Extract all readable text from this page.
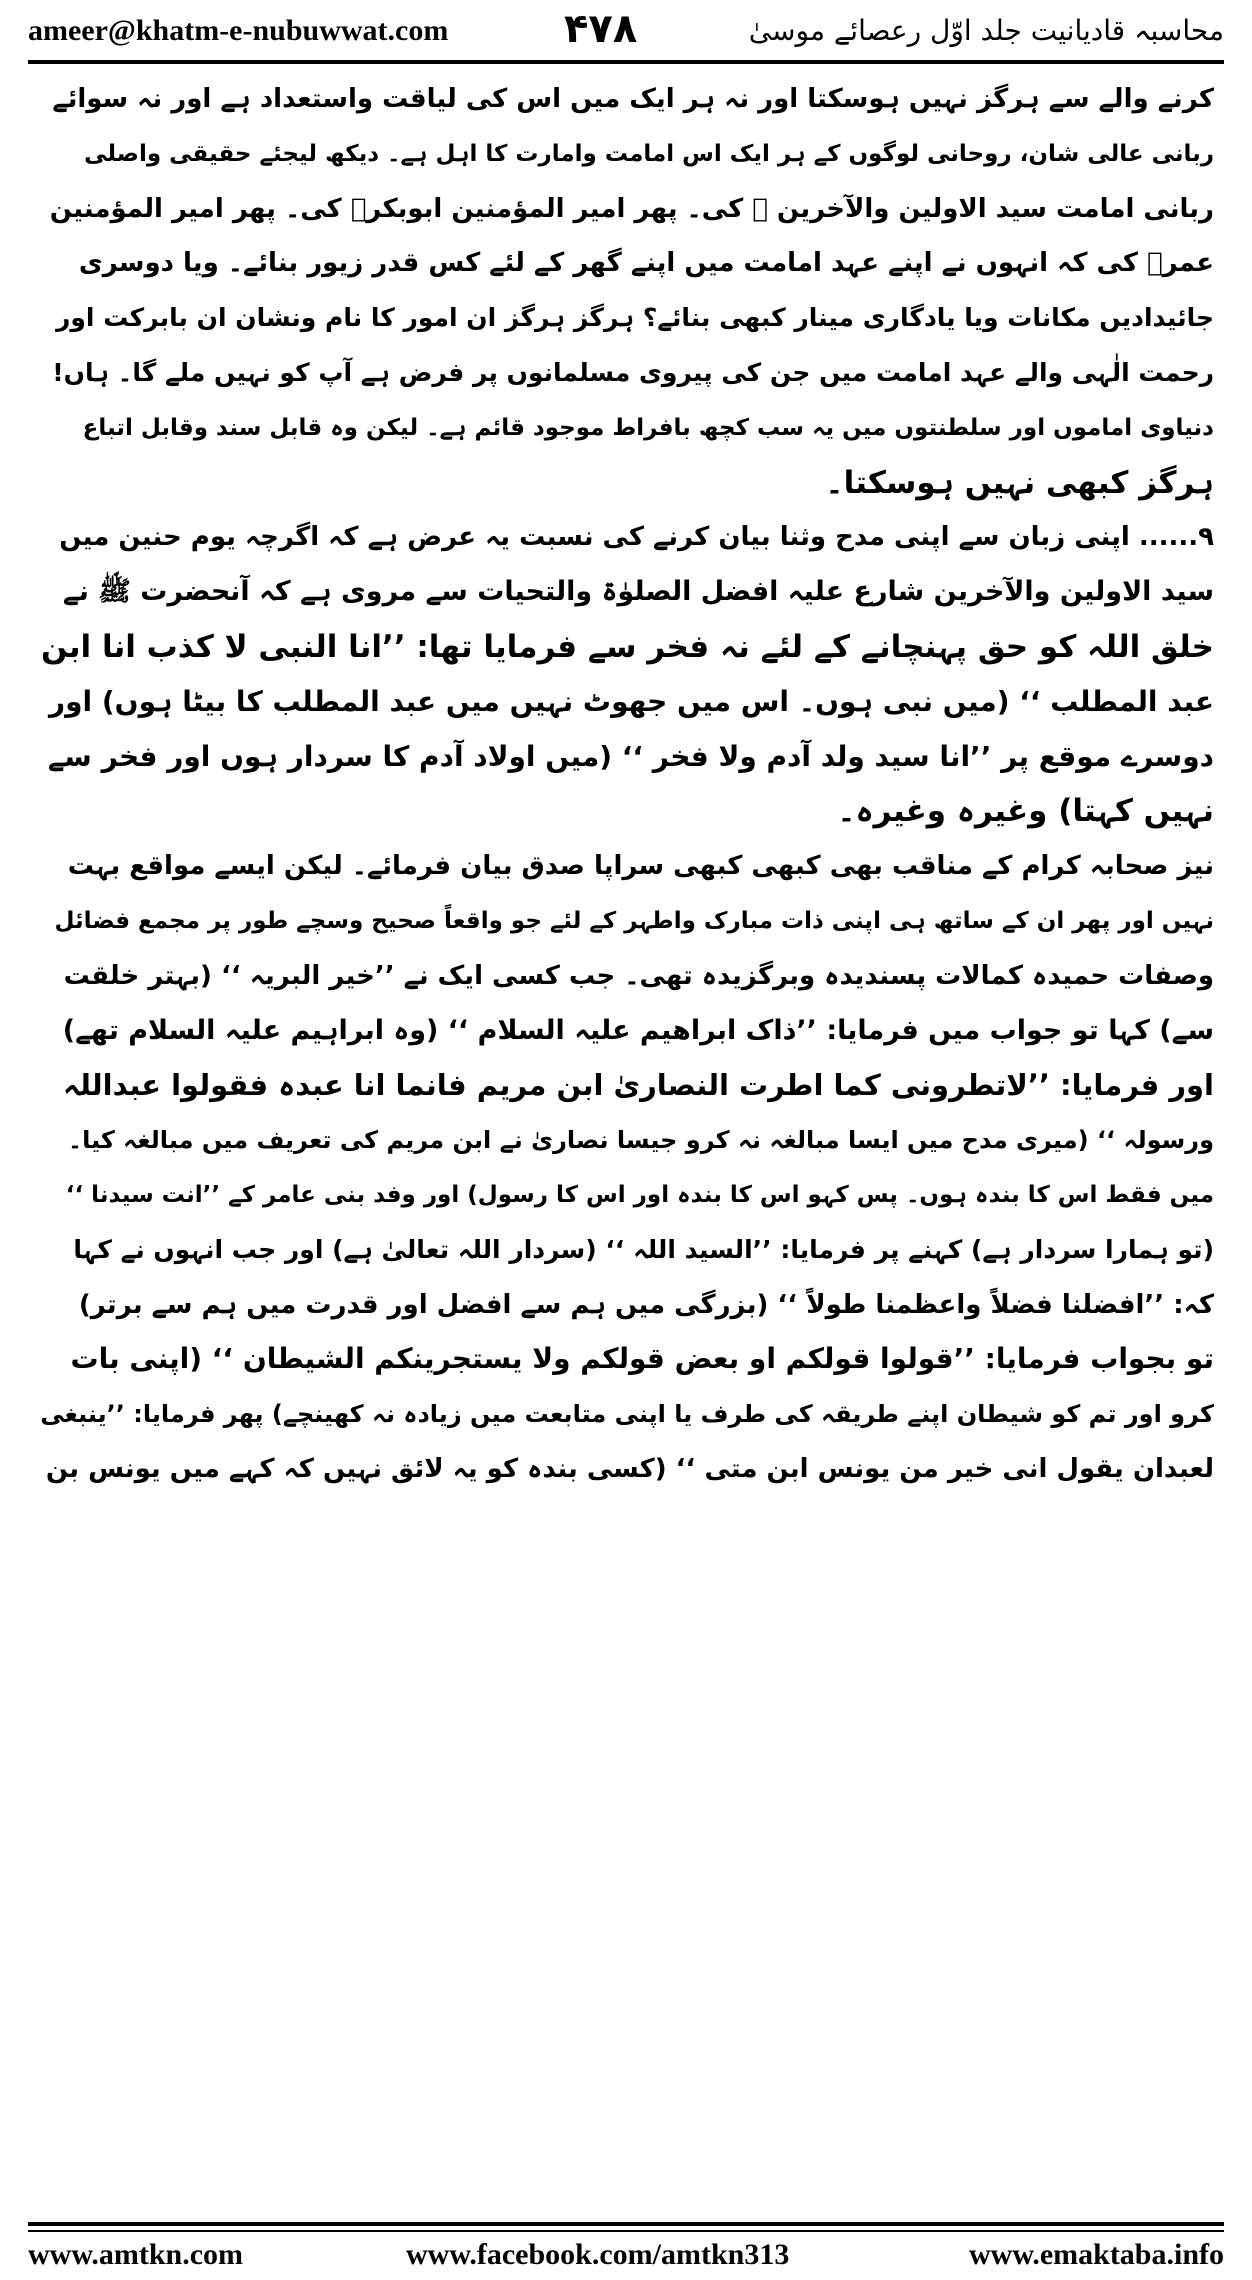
ameer@khatm-e-nubuwwat.com	۴۷۸	محاسبہ قادیانیت جلد اوّل رعصائے موسیٰ
کرنے والے سے ہرگز نہیں ہوسکتا اور نہ ہر ایک میں اس کی لیاقت واستعداد ہے اور نہ سوائے
ربانی عالی شان، روحانی لوگوں کے ہر ایک اس امامت وامارت کا اہل ہے۔ دیکھ لیجئے حقیقی واصلی
ربانی امامت سید الاولین والآخرین ﷺ کی۔ پھر امیر المؤمنین ابوبکرؓ کی۔ پھر امیر المؤمنین
عمرؓ کی کہ انہوں نے اپنے عہد امامت میں اپنے گھر کے لئے کس قدر زیور بنائے۔ ویا دوسری
جائیدادیں مکانات ویا یادگاری مینار کبھی بنائے؟ ہرگز ہرگز ان امور کا نام ونشان ان بابرکت اور
رحمت الٰہی والے عہد امامت میں جن کی پیروی مسلمانوں پر فرض ہے آپ کو نہیں ملے گا۔ ہاں!
دنیاوی اماموں اور سلطنتوں میں یہ سب کچھ بافراط موجود قائم ہے۔ لیکن وہ قابل سند وقابل اتباع
ہرگز کبھی نہیں ہوسکتا۔
۹...... اپنی زبان سے اپنی مدح وثنا بیان کرنے کی نسبت یہ عرض ہے کہ اگرچہ یوم حنین میں
سید الاولین والآخرین شارع علیہ افضل الصلوٰۃ والتحیات سے مروی ہے کہ آنحضرت ﷺ نے
خلق اللہ کو حق پہنچانے کے لئے نہ فخر سے فرمایا تھا: ’’انا النبی لا کذب انا ابن
عبد المطلب ‘‘ (میں نبی ہوں۔ اس میں جھوٹ نہیں میں عبد المطلب کا بیٹا ہوں) اور
دوسرے موقع پر ’’انا سید ولد آدم ولا فخر ‘‘ (میں اولاد آدم کا سردار ہوں اور فخر سے
نہیں کہتا) وغیرہ وغیرہ۔
نیز صحابہ کرام کے مناقب بھی کبھی کبھی سراپا صدق بیان فرمائے۔ لیکن ایسے مواقع بہت
نہیں اور پھر ان کے ساتھ ہی اپنی ذات مبارک واطہر کے لئے جو واقعاً صحیح وسچے طور پر مجمع فضائل
وصفات حمیدہ کمالات پسندیدہ وبرگزیدہ تھی۔ جب کسی ایک نے ’’خیر البریہ ‘‘ (بہتر خلقت
سے) کہا تو جواب میں فرمایا: ’’ذاک ابراھیم علیہ السلام ‘‘ (وہ ابراہیم علیہ السلام تھے)
اور فرمایا: ’’لاتطرونی کما اطرت النصاریٰ ابن مریم فانما انا عبدہ فقولوا عبداللہ
ورسولہ ‘‘ (میری مدح میں ایسا مبالغہ نہ کرو جیسا نصاریٰ نے ابن مریم کی تعریف میں مبالغہ کیا۔
میں فقط اس کا بندہ ہوں۔ پس کہو اس کا بندہ اور اس کا رسول) اور وفد بنی عامر کے ’’انت سیدنا ‘‘
(تو ہمارا سردار ہے) کہنے پر فرمایا: ’’السید اللہ ‘‘ (سردار اللہ تعالیٰ ہے) اور جب انہوں نے کہا
کہ: ’’افضلنا فضلاً واعظمنا طولاً ‘‘ (بزرگی میں ہم سے افضل اور قدرت میں ہم سے برتر)
تو بجواب فرمایا: ’’قولوا قولکم او بعض قولکم ولا یستجرینکم الشیطان ‘‘ (اپنی بات
کرو اور تم کو شیطان اپنے طریقہ کی طرف یا اپنی متابعت میں زیادہ نہ کھینچے) پھر فرمایا: ’’ینبغی
لعبدان یقول انی خیر من یونس ابن متی ‘‘ (کسی بندہ کو یہ لائق نہیں کہ کہے میں یونس بن
www.amtkn.com	www.facebook.com/amtkn313	www.emaktaba.info
